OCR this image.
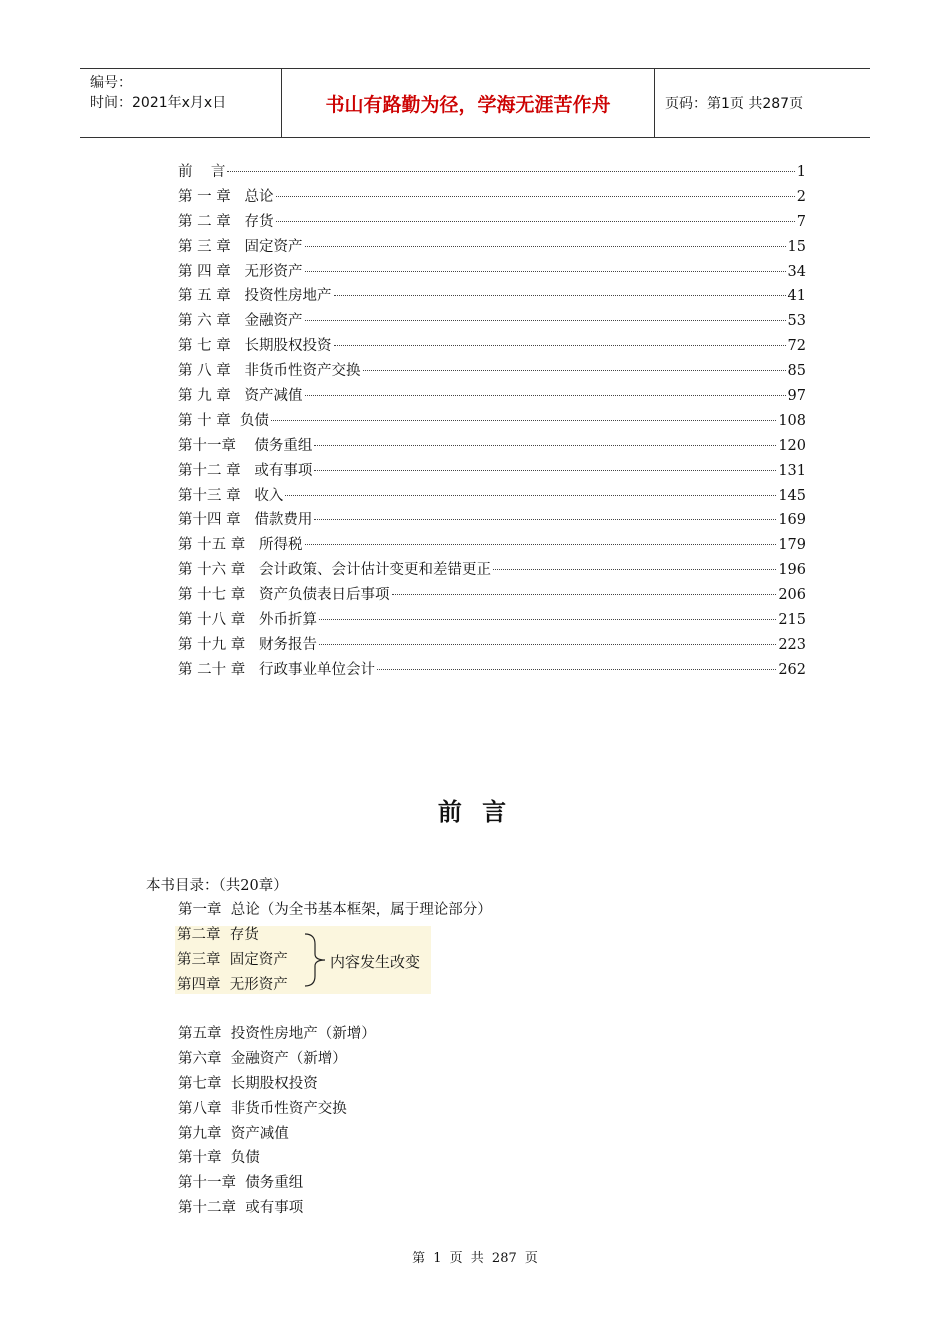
编号：
时间：2021年x月x日	书山有路勤为径，学海无涯苦作舟	页码：第1页 共287页
前    言	1
第 一 章   总论	2
第 二 章   存货	7
第 三 章   固定资产	15
第 四 章   无形资产	34
第 五 章   投资性房地产	41
第 六 章   金融资产	53
第 七 章   长期股权投资	72
第 八 章   非货币性资产交换	85
第 九 章   资产减值	97
第 十 章  负债	108
第十一章    债务重组	120
第十二 章   或有事项	131
第十三 章   收入	145
第十四 章   借款费用	169
第 十五 章   所得税	179
第 十六 章   会计政策、会计估计变更和差错更正	196
第 十七 章   资产负债表日后事项	206
第 十八 章   外币折算	215
第 十九 章   财务报告	223
第 二十 章   行政事业单位会计	262
前 言
本书目录：（共20章）
第一章  总论（为全书基本框架，属于理论部分）
第二章  存货
第三章  固定资产
第四章  无形资产
内容发生改变
第五章  投资性房地产（新增）
第六章  金融资产（新增）
第七章  长期股权投资
第八章  非货币性资产交换
第九章  资产减值
第十章  负债
第十一章  债务重组
第十二章  或有事项
第 1 页 共 287 页
